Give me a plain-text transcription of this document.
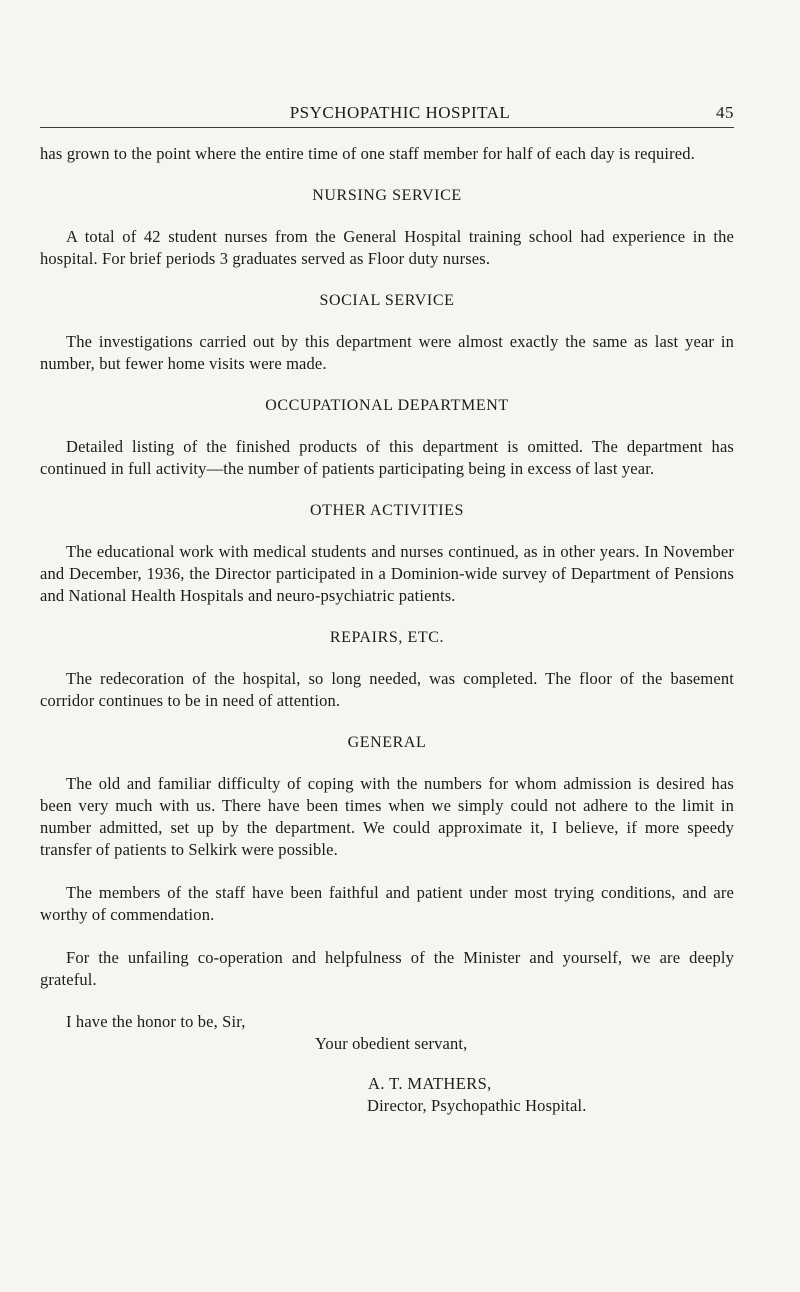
PSYCHOPATHIC HOSPITAL	45

has grown to the point where the entire time of one staff member for half of each day is required.

NURSING SERVICE

A total of 42 student nurses from the General Hospital training school had experience in the hospital. For brief periods 3 graduates served as Floor duty nurses.

SOCIAL SERVICE

The investigations carried out by this department were almost exactly the same as last year in number, but fewer home visits were made.

OCCUPATIONAL DEPARTMENT

Detailed listing of the finished products of this department is omitted. The department has continued in full activity—the number of patients participating being in excess of last year.

OTHER ACTIVITIES

The educational work with medical students and nurses continued, as in other years. In November and December, 1936, the Director participated in a Dominion-wide survey of Department of Pensions and National Health Hospitals and neuro-psychiatric patients.

REPAIRS, ETC.

The redecoration of the hospital, so long needed, was completed. The floor of the basement corridor continues to be in need of attention.

GENERAL

The old and familiar difficulty of coping with the numbers for whom admission is desired has been very much with us. There have been times when we simply could not adhere to the limit in number admitted, set up by the department. We could approximate it, I believe, if more speedy transfer of patients to Selkirk were possible.

The members of the staff have been faithful and patient under most trying conditions, and are worthy of commendation.

For the unfailing co-operation and helpfulness of the Minister and yourself, we are deeply grateful.

I have the honor to be, Sir,
Your obedient servant,
A. T. MATHERS,
Director, Psychopathic Hospital.
